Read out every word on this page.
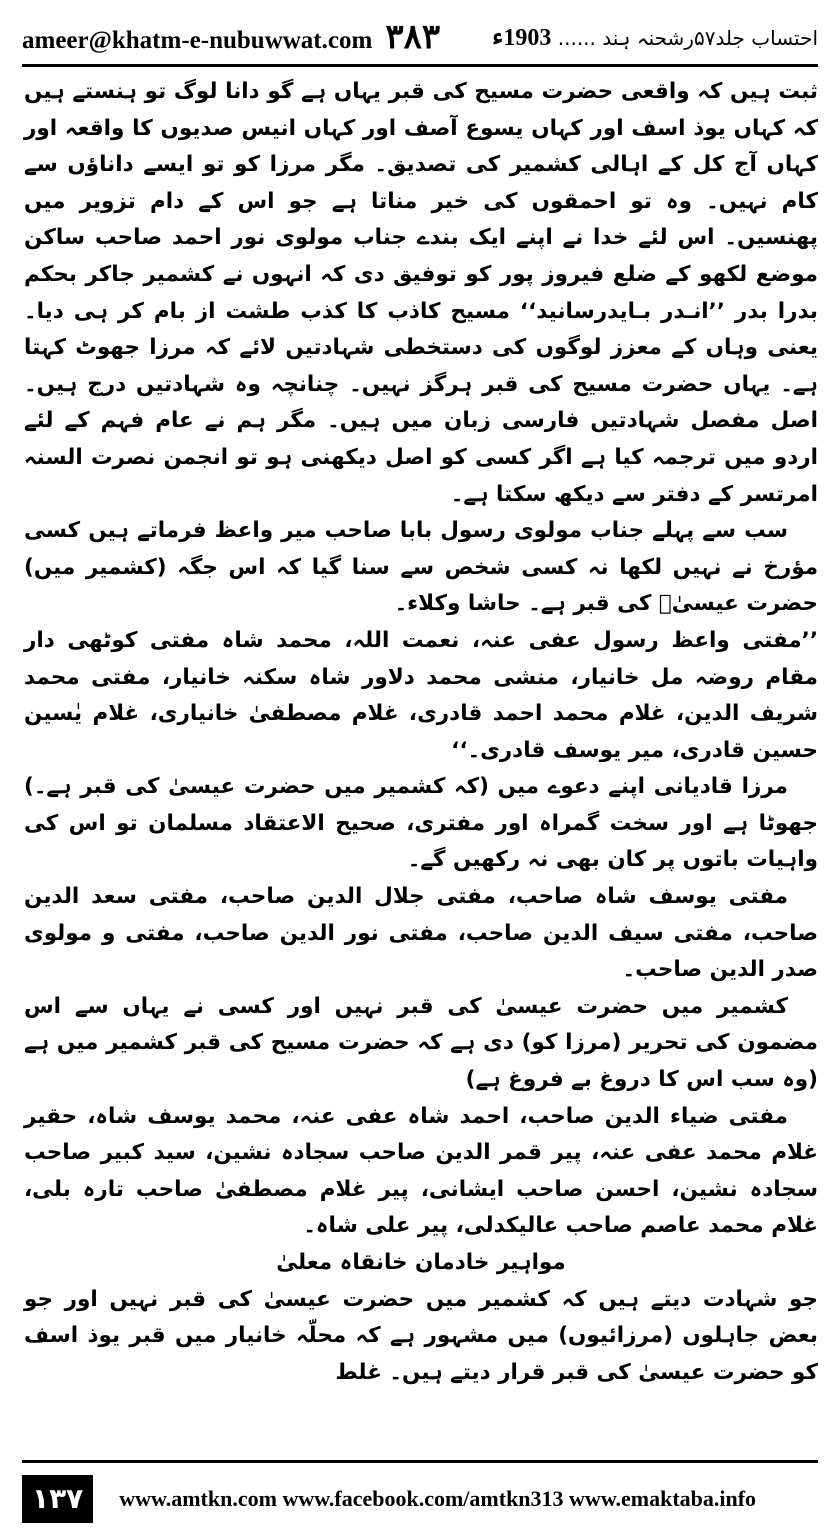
ameer@khatm-e-nubuwwat.com ۳۸۳	احتساب جلد۵۷رشحنہ ہند ...... 1903ء

ثبت ہیں کہ واقعی حضرت مسیح کی قبر یہاں ہے گو دانا لوگ تو ہنستے ہیں کہ کہاں یوذ اسف اور کہاں یسوع آصف اور کہاں انیس صدیوں کا واقعہ اور کہاں آج کل کے اہالی کشمیر کی تصدیق۔ مگر مرزا کو تو ایسے داناؤں سے کام نہیں۔ وہ تو احمقوں کی خیر مناتا ہے جو اس کے دام تزویر میں پھنسیں۔ اس لئے خدا نے اپنے ایک بندے جناب مولوی نور احمد صاحب ساکن موضع لکھو کے ضلع فیروز پور کو توفیق دی کہ انہوں نے کشمیر جاکر بحکم بدرا بدر ’’انـدر بـایدرسانید‘‘ مسیح کاذب کا کذب طشت از بام کر ہی دیا۔ یعنی وہاں کے معزز لوگوں کی دستخطی شہادتیں لائے کہ مرزا جھوٹ کہتا ہے۔ یہاں حضرت مسیح کی قبر ہرگز نہیں۔ چنانچہ وہ شہادتیں درج ہیں۔ اصل مفصل شہادتیں فارسی زبان میں ہیں۔ مگر ہم نے عام فہم کے لئے اردو میں ترجمہ کیا ہے اگر کسی کو اصل دیکھنی ہو تو انجمن نصرت السنہ امرتسر کے دفتر سے دیکھ سکتا ہے۔

سب سے پہلے جناب مولوی رسول بابا صاحب میر واعظ فرماتے ہیں کسی مؤرخ نے نہیں لکھا نہ کسی شخص سے سنا گیا کہ اس جگہ (کشمیر میں) حضرت عیسیٰؑ کی قبر ہے۔ حاشا وکلاء۔

’’مفتی واعظ رسول عفی عنہ، نعمت اللہ، محمد شاہ مفتی کوٹھی دار مقام روضہ مل خانیار، منشی محمد دلاور شاہ سکنہ خانیار، مفتی محمد شریف الدین، غلام محمد احمد قادری، غلام مصطفیٰ خانیاری، غلام یٰسین حسین قادری، میر یوسف قادری۔‘‘

مرزا قادیانی اپنے دعوے میں (کہ کشمیر میں حضرت عیسیٰ کی قبر ہے۔) جھوٹا ہے اور سخت گمراہ اور مفتری، صحیح الاعتقاد مسلمان تو اس کی واہیات باتوں پر کان بھی نہ رکھیں گے۔

مفتی یوسف شاہ صاحب، مفتی جلال الدین صاحب، مفتی سعد الدین صاحب، مفتی سیف الدین صاحب، مفتی نور الدین صاحب، مفتی و مولوی صدر الدین صاحب۔

کشمیر میں حضرت عیسیٰ کی قبر نہیں اور کسی نے یہاں سے اس مضمون کی تحریر (مرزا کو) دی ہے کہ حضرت مسیح کی قبر کشمیر میں ہے (وہ سب اس کا دروغ بے فروغ ہے)

مفتی ضیاء الدین صاحب، احمد شاہ عفی عنہ، محمد یوسف شاہ، حقیر غلام محمد عفی عنہ، پیر قمر الدین صاحب سجادہ نشین، سید کبیر صاحب سجادہ نشین، احسن صاحب ایشانی، پیر غلام مصطفیٰ صاحب تارہ بلی، غلام محمد عاصم صاحب عالیکدلی، پیر علی شاہ۔

مواہیر خادمان خانقاہ معلیٰ

جو شہادت دیتے ہیں کہ کشمیر میں حضرت عیسیٰ کی قبر نہیں اور جو بعض جاہلوں (مرزائیوں) میں مشہور ہے کہ محلّہ خانیار میں قبر یوذ اسف کو حضرت عیسیٰ کی قبر قرار دیتے ہیں۔ غلط

۱۳۷	www.amtkn.com www.facebook.com/amtkn313 www.emaktaba.info
